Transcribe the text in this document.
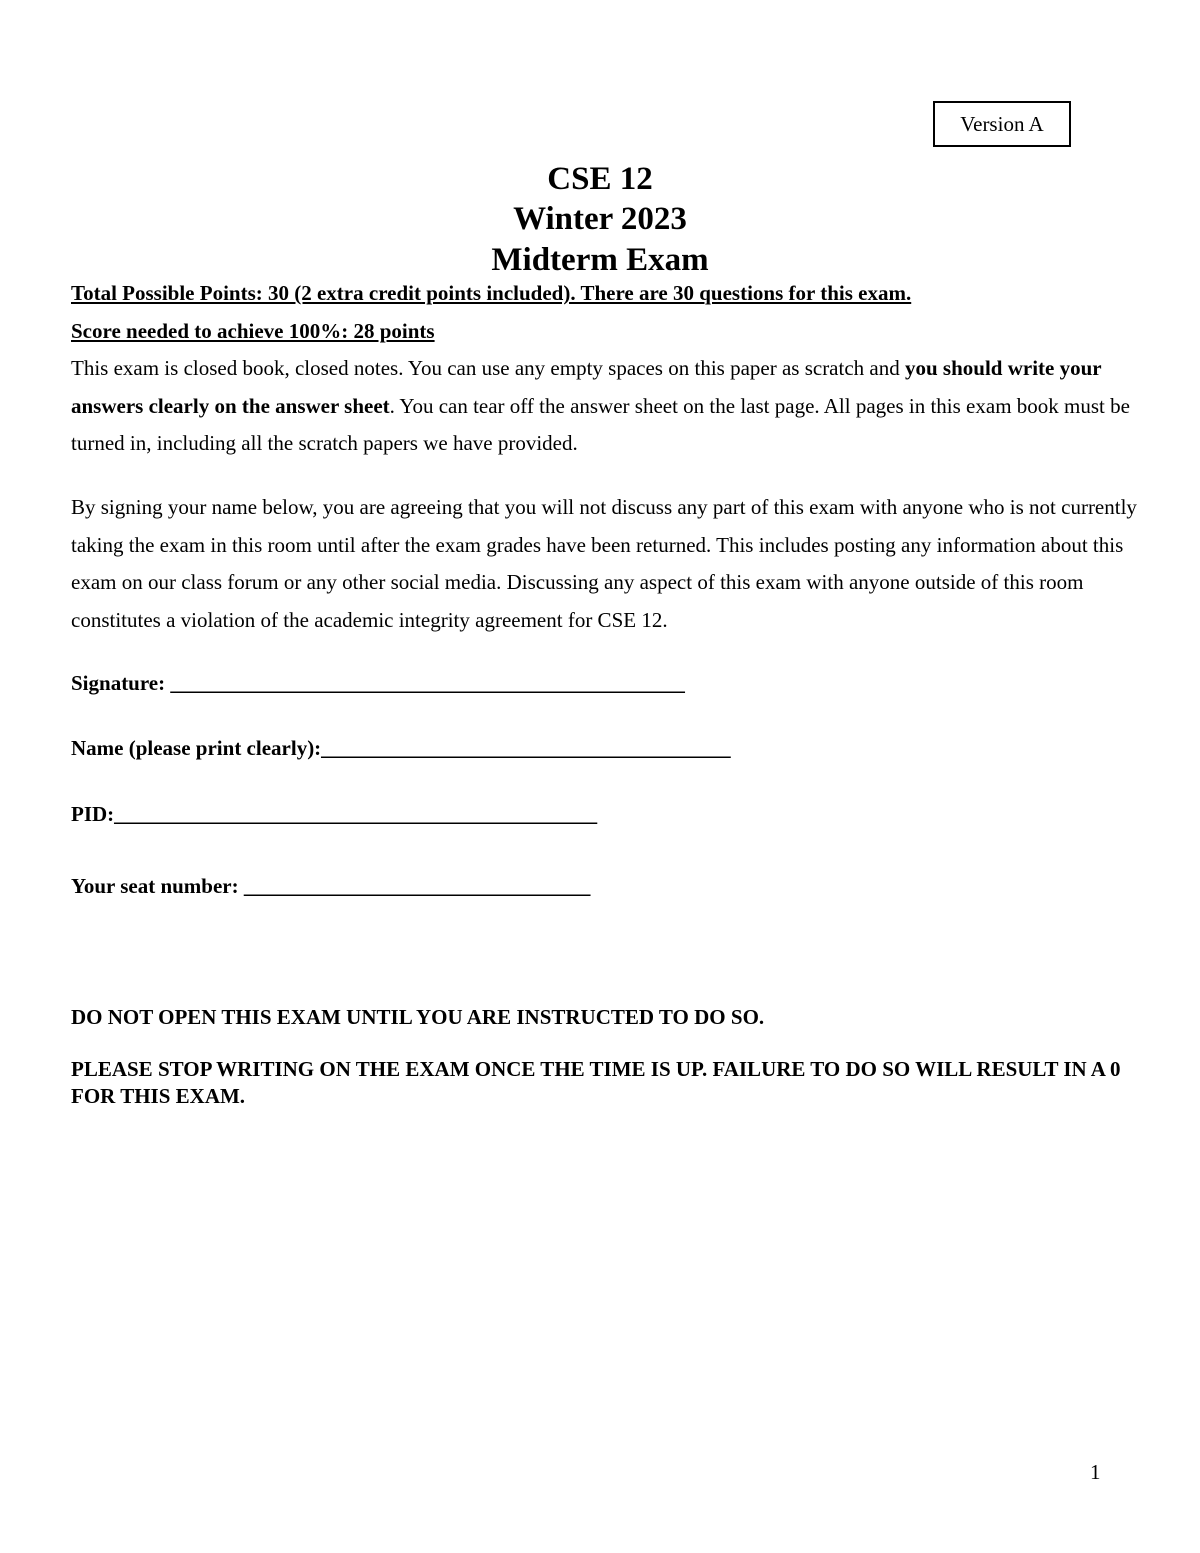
Version A
CSE 12
Winter 2023
Midterm Exam
Total Possible Points: 30 (2 extra credit points included). There are 30 questions for this exam.
Score needed to achieve 100%: 28 points
This exam is closed book, closed notes. You can use any empty spaces on this paper as scratch and you should write your answers clearly on the answer sheet. You can tear off the answer sheet on the last page. All pages in this exam book must be turned in, including all the scratch papers we have provided.
By signing your name below, you are agreeing that you will not discuss any part of this exam with anyone who is not currently taking the exam in this room until after the exam grades have been returned. This includes posting any information about this exam on our class forum or any other social media. Discussing any aspect of this exam with anyone outside of this room constitutes a violation of the academic integrity agreement for CSE 12.
Signature: _________________________________________________
Name (please print clearly):_______________________________________
PID:______________________________________________
Your seat number: _________________________________
DO NOT OPEN THIS EXAM UNTIL YOU ARE INSTRUCTED TO DO SO.
PLEASE STOP WRITING ON THE EXAM ONCE THE TIME IS UP. FAILURE TO DO SO WILL RESULT IN A 0 FOR THIS EXAM.
1
